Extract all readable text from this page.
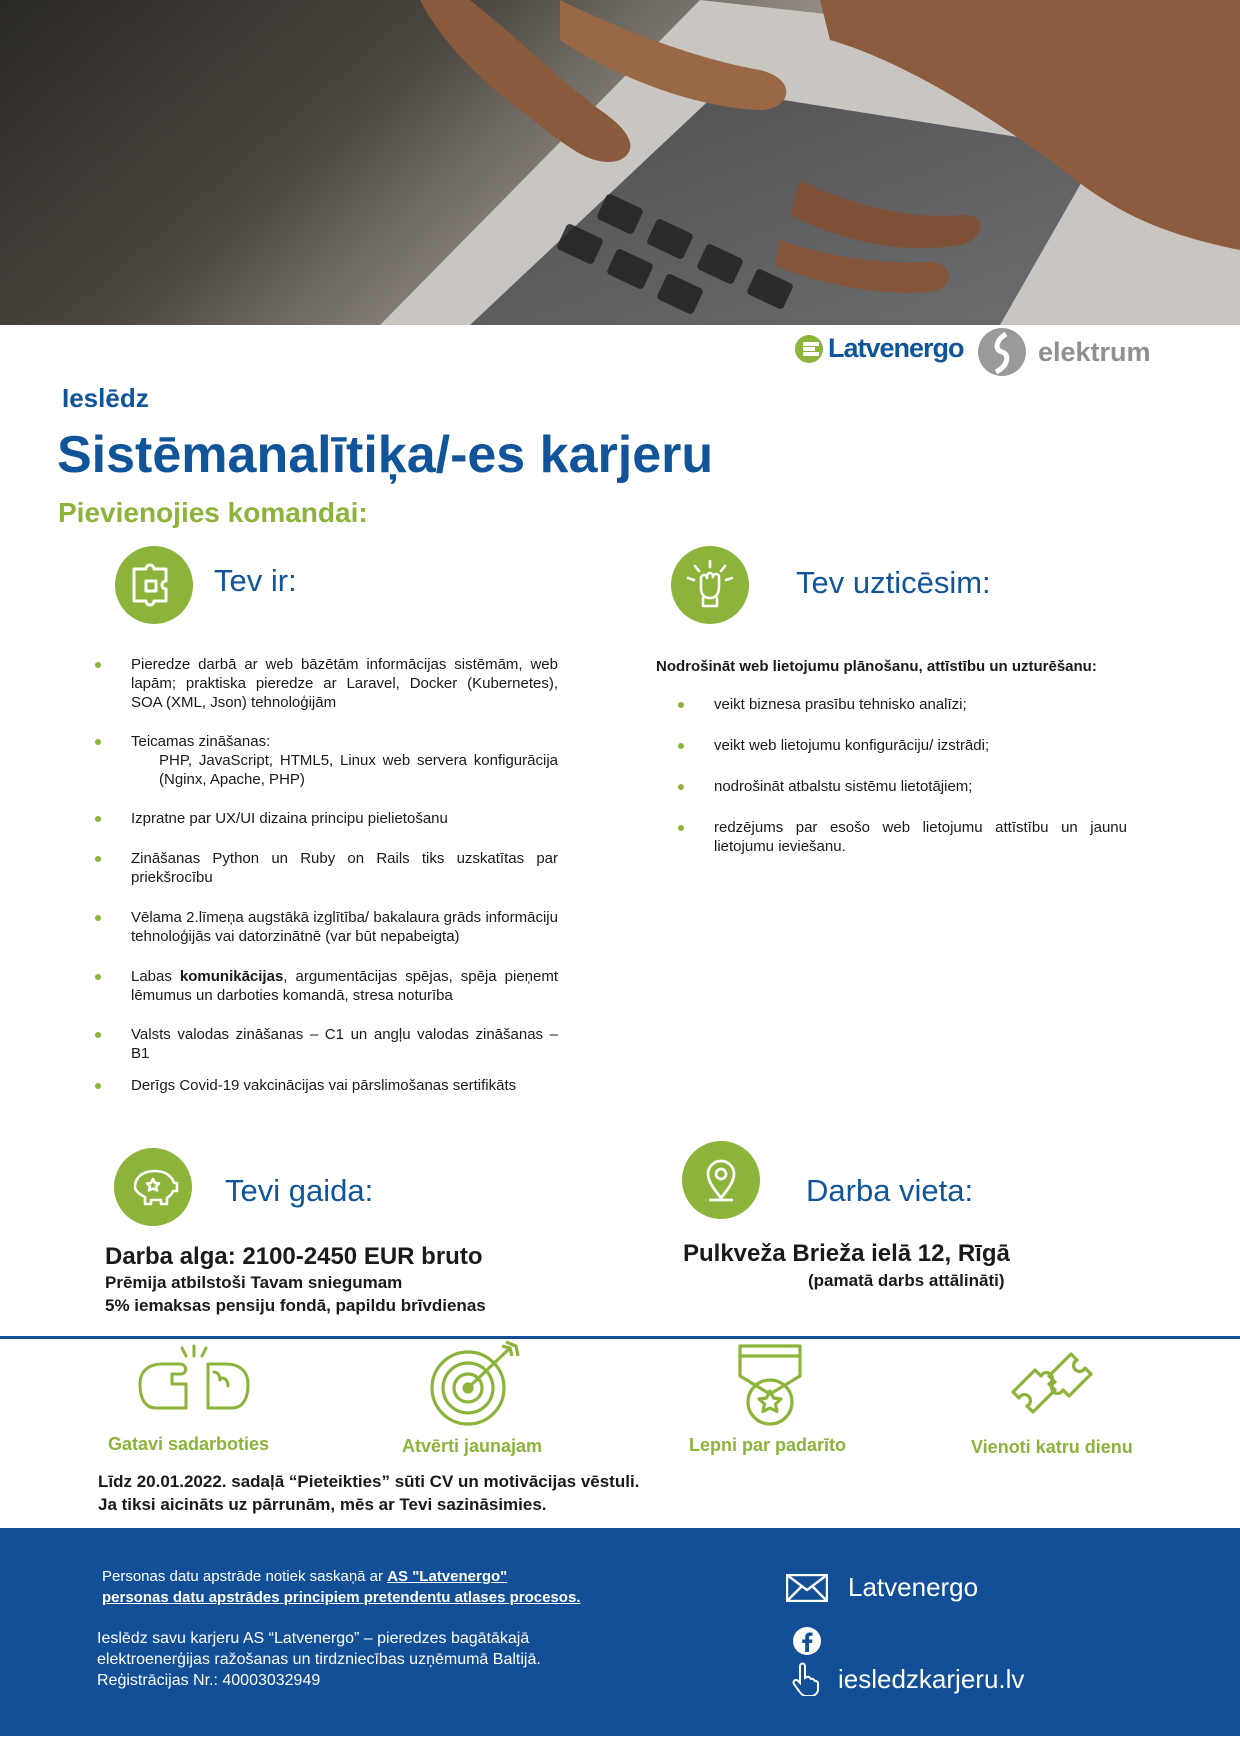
Latvenergo	elektrum
Ieslēdz
Sistēmanalītiķa/-es karjeru
Pievienojies komandai:
Tev ir:
Pieredze darbā ar web bāzētām informācijas sistēmām, web lapām; praktiska pieredze ar Laravel, Docker (Kubernetes), SOA (XML, Json) tehnoloģijām
Teicamas zināšanas:
PHP, JavaScript, HTML5, Linux web servera konfigurācija (Nginx, Apache, PHP)
Izpratne par UX/UI dizaina principu pielietošanu
Zināšanas Python un Ruby on Rails tiks uzskatītas par priekšrocību
Vēlama 2.līmeņa augstākā izglītība/ bakalaura grāds informāciju tehnoloģijās vai datorzinātnē (var būt nepabeigta)
Labas komunikācijas, argumentācijas spējas, spēja pieņemt lēmumus un darboties komandā, stresa noturība
Valsts valodas zināšanas – C1 un angļu valodas zināšanas – B1
Derīgs Covid-19 vakcinācijas vai pārslimošanas sertifikāts
Tev uzticēsim:
Nodrošināt web lietojumu plānošanu, attīstību un uzturēšanu:
veikt biznesa prasību tehnisko analīzi;
veikt web lietojumu konfigurāciju/ izstrādi;
nodrošināt atbalstu sistēmu lietotājiem;
redzējums par esošo web lietojumu attīstību un jaunu lietojumu ieviešanu.
Tevi gaida:
Darba alga: 2100-2450 EUR bruto
Prēmija atbilstoši Tavam sniegumam
5% iemaksas pensiju fondā, papildu brīvdienas
Darba vieta:
Pulkveža Brieža ielā 12, Rīgā
(pamatā darbs attālināti)
Gatavi sadarboties	Atvērti jaunajam	Lepni par padarīto	Vienoti katru dienu
Līdz 20.01.2022. sadaļā “Pieteikties” sūti CV un motivācijas vēstuli.
Ja tiksi aicināts uz pārrunām, mēs ar Tevi sazināsimies.
Personas datu apstrāde notiek saskaņā ar AS "Latvenergo"
personas datu apstrādes principiem pretendentu atlases procesos.
Ieslēdz savu karjeru AS “Latvenergo” – pieredzes bagātākajā
elektroenerģijas ražošanas un tirdzniecības uzņēmumā Baltijā.
Reģistrācijas Nr.: 40003032949
Latvenergo
iesledzkarjeru.lv
